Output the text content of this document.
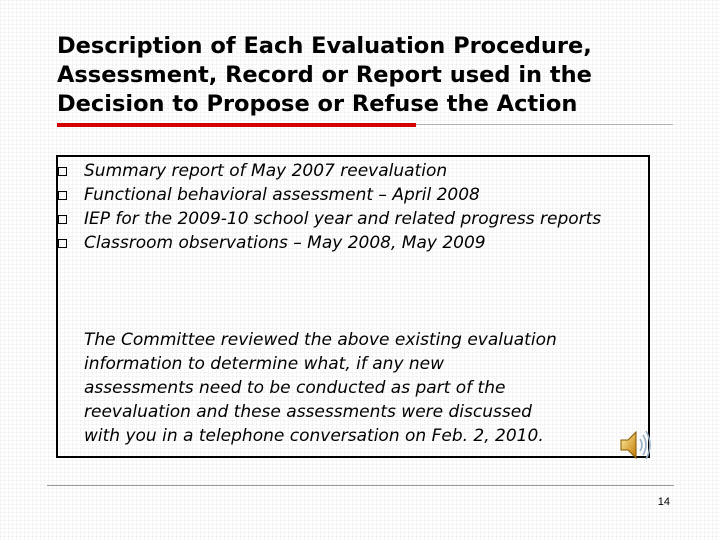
Description of Each Evaluation Procedure,
Assessment, Record or Report used in the
Decision to Propose or Refuse the Action
Summary report of May 2007 reevaluation
Functional behavioral assessment – April 2008
IEP for the 2009-10 school year and related progress reports
Classroom observations – May 2008, May 2009

The Committee reviewed the above existing evaluation
information to determine what, if any new
assessments need to be conducted as part of the
reevaluation and these assessments were discussed
with you in a telephone conversation on Feb. 2, 2010.

14
